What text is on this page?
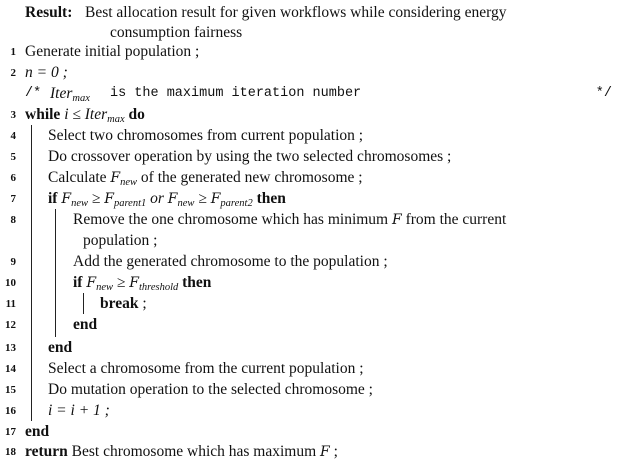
Result: Best allocation result for given workflows while considering energy
consumption fairness
1 Generate initial population ;
2 n = 0 ;
/* Iter$_{max}$ is the maximum iteration number	*/
3 while i ≤ Iter$_{max}$ do
4 Select two chromosomes from current population ;
5 Do crossover operation by using the two selected chromosomes ;
6 Calculate $F_{new}$ of the generated new chromosome ;
7 if $F_{new} \ge F_{parent1}$ or $F_{new} \ge F_{parent2}$ then
8	Remove the one chromosome which has minimum F from the current
population ;
9	Add the generated chromosome to the population ;
10	if $F_{new} \ge F_{threshold}$ then
11	break ;
12	end
13 end
14 Select a chromosome from the current population ;
15 Do mutation operation to the selected chromosome ;
16 i = i + 1 ;
17 end
18 return Best chromosome which has maximum F ;
